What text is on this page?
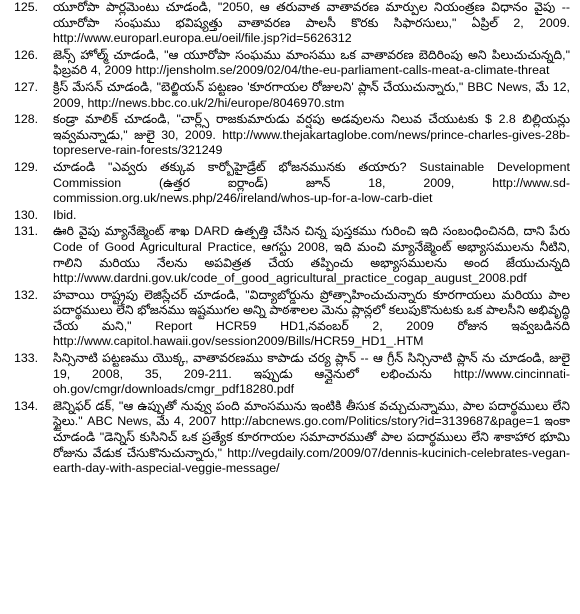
125.	యూరోపా పార్లమెంటు చూడండి, "2050, ఆ తరువాత వాతావరణ మార్పుల నియంత్రణ విధానం వైపు -- యూరోపా సంఘము భవిష్యత్తు వాతావరణ పాలసీ కొరకు సిఫారసులు," ఏప్రిల్ 2, 2009. http://www.europarl.europa.eu/oeil/file.jsp?id=5626312
126.	జెన్స్ హోల్మ్ చూడండి, "ఆ యూరోపా సంఘము మాంసము ఒక వాతావరణ బెదిరింపు అని పిలుచుచున్నది," ఫిబ్రవరి 4, 2009 http://jensholm.se/2009/02/04/the-eu-parliament-calls-meat-a-climate-threat
127.	క్రిస్ మేసన్ చూడండి, "బెల్జియన్ పట్టణం 'కూరగాయల రోజులని' ప్లాన్ చేయుచున్నారు," BBC News, మే 12, 2009, http://news.bbc.co.uk/2/hi/europe/8046970.stm
128.	కండ్రా మాలిక్ చూడండి, "చార్ల్స్ రాజకుమారుడు వర్షపు అడవులను నిలువ చేయుటకు $ 2.8 బిల్లియన్లు ఇవ్వమన్నాడు," జులై 30, 2009. http://www.thejakartaglobe.com/news/prince-charles-gives-28b-topreserve-rain-forests/321249
129.	చూడండి "ఎవ్వరు తక్కువ కార్బోహైడ్రేట్ భోజనమునకు తయారు? Sustainable Development Commission (ఉత్తర ఐర్లాండ్) జూన్ 18, 2009, http://www.sd-commission.org.uk/news.php/246/ireland/whos-up-for-a-low-carb-diet
130.	Ibid.
131.	ఊరి వైపు మ్యానేజ్మెంట్ శాఖ DARD ఉత్పత్తి చేసిన చిన్న పుస్తకము గురించి ఇది సంబంధించినది, దాని పేరు Code of Good Agricultural Practice, ఆగస్టు 2008, ఇది మంచి మ్యానేజ్మెంట్ అభ్యాసములను నీటిని, గాలిని మరియు నేలను అపవిత్రత చేయ తప్పించు అభ్యాసములను అంద జేయుచున్నది http://www.dardni.gov.uk/code_of_good_agricultural_practice_cogap_august_2008.pdf
132.	హవాయి రాష్ట్రపు లెజిస్లేచర్ చూడండి, "విద్యాబోర్డును ప్రోత్సాహించుచున్నారు కూరగాయలు మరియు పాల పదార్థములు లేని భోజనము ఇష్టముగల అన్ని పాఠశాలల మెను ప్లాన్లలో కలుపుకొనుటకు ఒక పాలసీని అభివృద్ధి చేయ మని," Report HCR59 HD1,నవంబర్ 2, 2009 రోజున ఇవ్వబడినది http://www.capitol.hawaii.gov/session2009/Bills/HCR59_HD1_.HTM
133.	సిన్సినాటి పట్టణము యొక్క, వాతావరణము కాపాడు చర్య ప్లాన్ -- ఆ గ్రీన్ సిన్సినాటి ప్లాన్ ను చూడండి, జులై 19, 2008, 35, 209-211. ఇప్పుడు ఆన్లైనులో లభించును http://www.cincinnati-oh.gov/cmgr/downloads/cmgr_pdf18280.pdf
134.	జెన్నిఫర్ డక్, "ఆ ఉప్పుతో నువ్వు పంది మాంసమును ఇంటికి తీసుక వచ్చుచున్నాము, పాల పదార్థములు లేని స్టైలు." ABC News, మే 4, 2007 http://abcnews.go.com/Politics/story?id=3139687&page=1 ఇంకా చూడండి "డెన్నిస్ కుసినిచ్ ఒక ప్రత్యేక కూరగాయల సమాచారముతో పాల పదార్థములు లేని శాకాహార భూమి రోజును వేడుక చేసుకొనుచున్నారు," http://vegdaily.com/2009/07/dennis-kucinich-celebrates-vegan-earth-day-with-aspecial-veggie-message/
